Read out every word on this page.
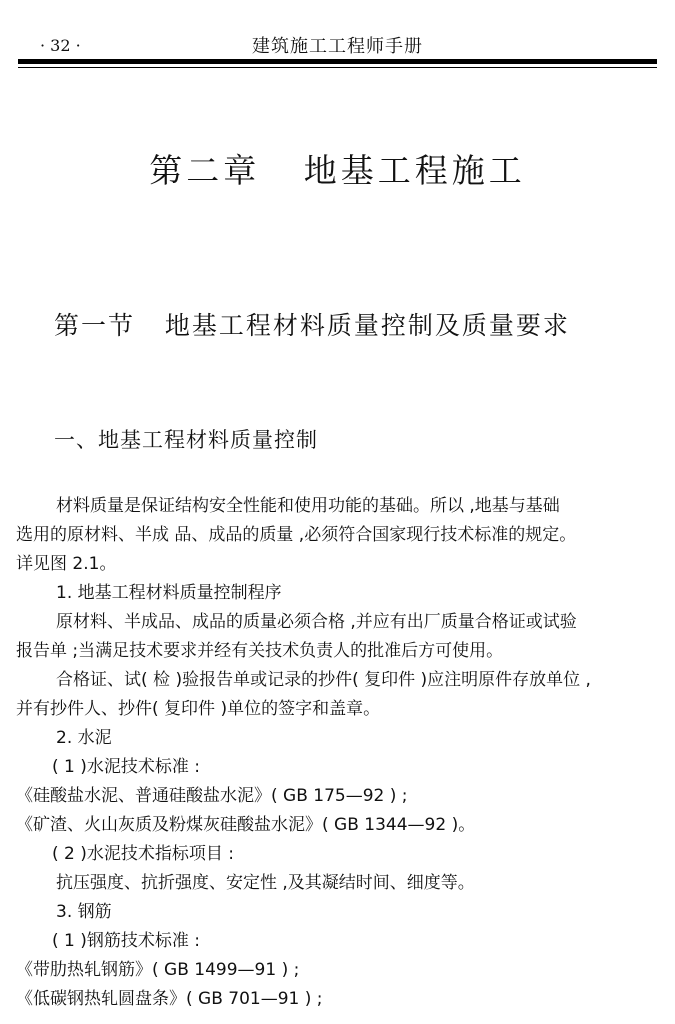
· 32 ·	建筑施工工程师手册
第二章   地基工程施工
第一节   地基工程材料质量控制及质量要求
一、地基工程材料质量控制
材料质量是保证结构安全性能和使用功能的基础。所以 ,地基与基础
选用的原材料、半成 品、成品的质量 ,必须符合国家现行技术标准的规定。
详见图 2.1。
1. 地基工程材料质量控制程序
原材料、半成品、成品的质量必须合格 ,并应有出厂质量合格证或试验
报告单 ;当满足技术要求并经有关技术负责人的批准后方可使用。
合格证、试( 检 )验报告单或记录的抄件( 复印件 )应注明原件存放单位 ,
并有抄件人、抄件( 复印件 )单位的签字和盖章。
2. 水泥
( 1 )水泥技术标准 :
《硅酸盐水泥、普通硅酸盐水泥》( GB 175—92 ) ;
《矿渣、火山灰质及粉煤灰硅酸盐水泥》( GB 1344—92 )。
( 2 )水泥技术指标项目 :
抗压强度、抗折强度、安定性 ,及其凝结时间、细度等。
3. 钢筋
( 1 )钢筋技术标准 :
《带肋热轧钢筋》( GB 1499—91 ) ;
《低碳钢热轧圆盘条》( GB 701—91 ) ;
